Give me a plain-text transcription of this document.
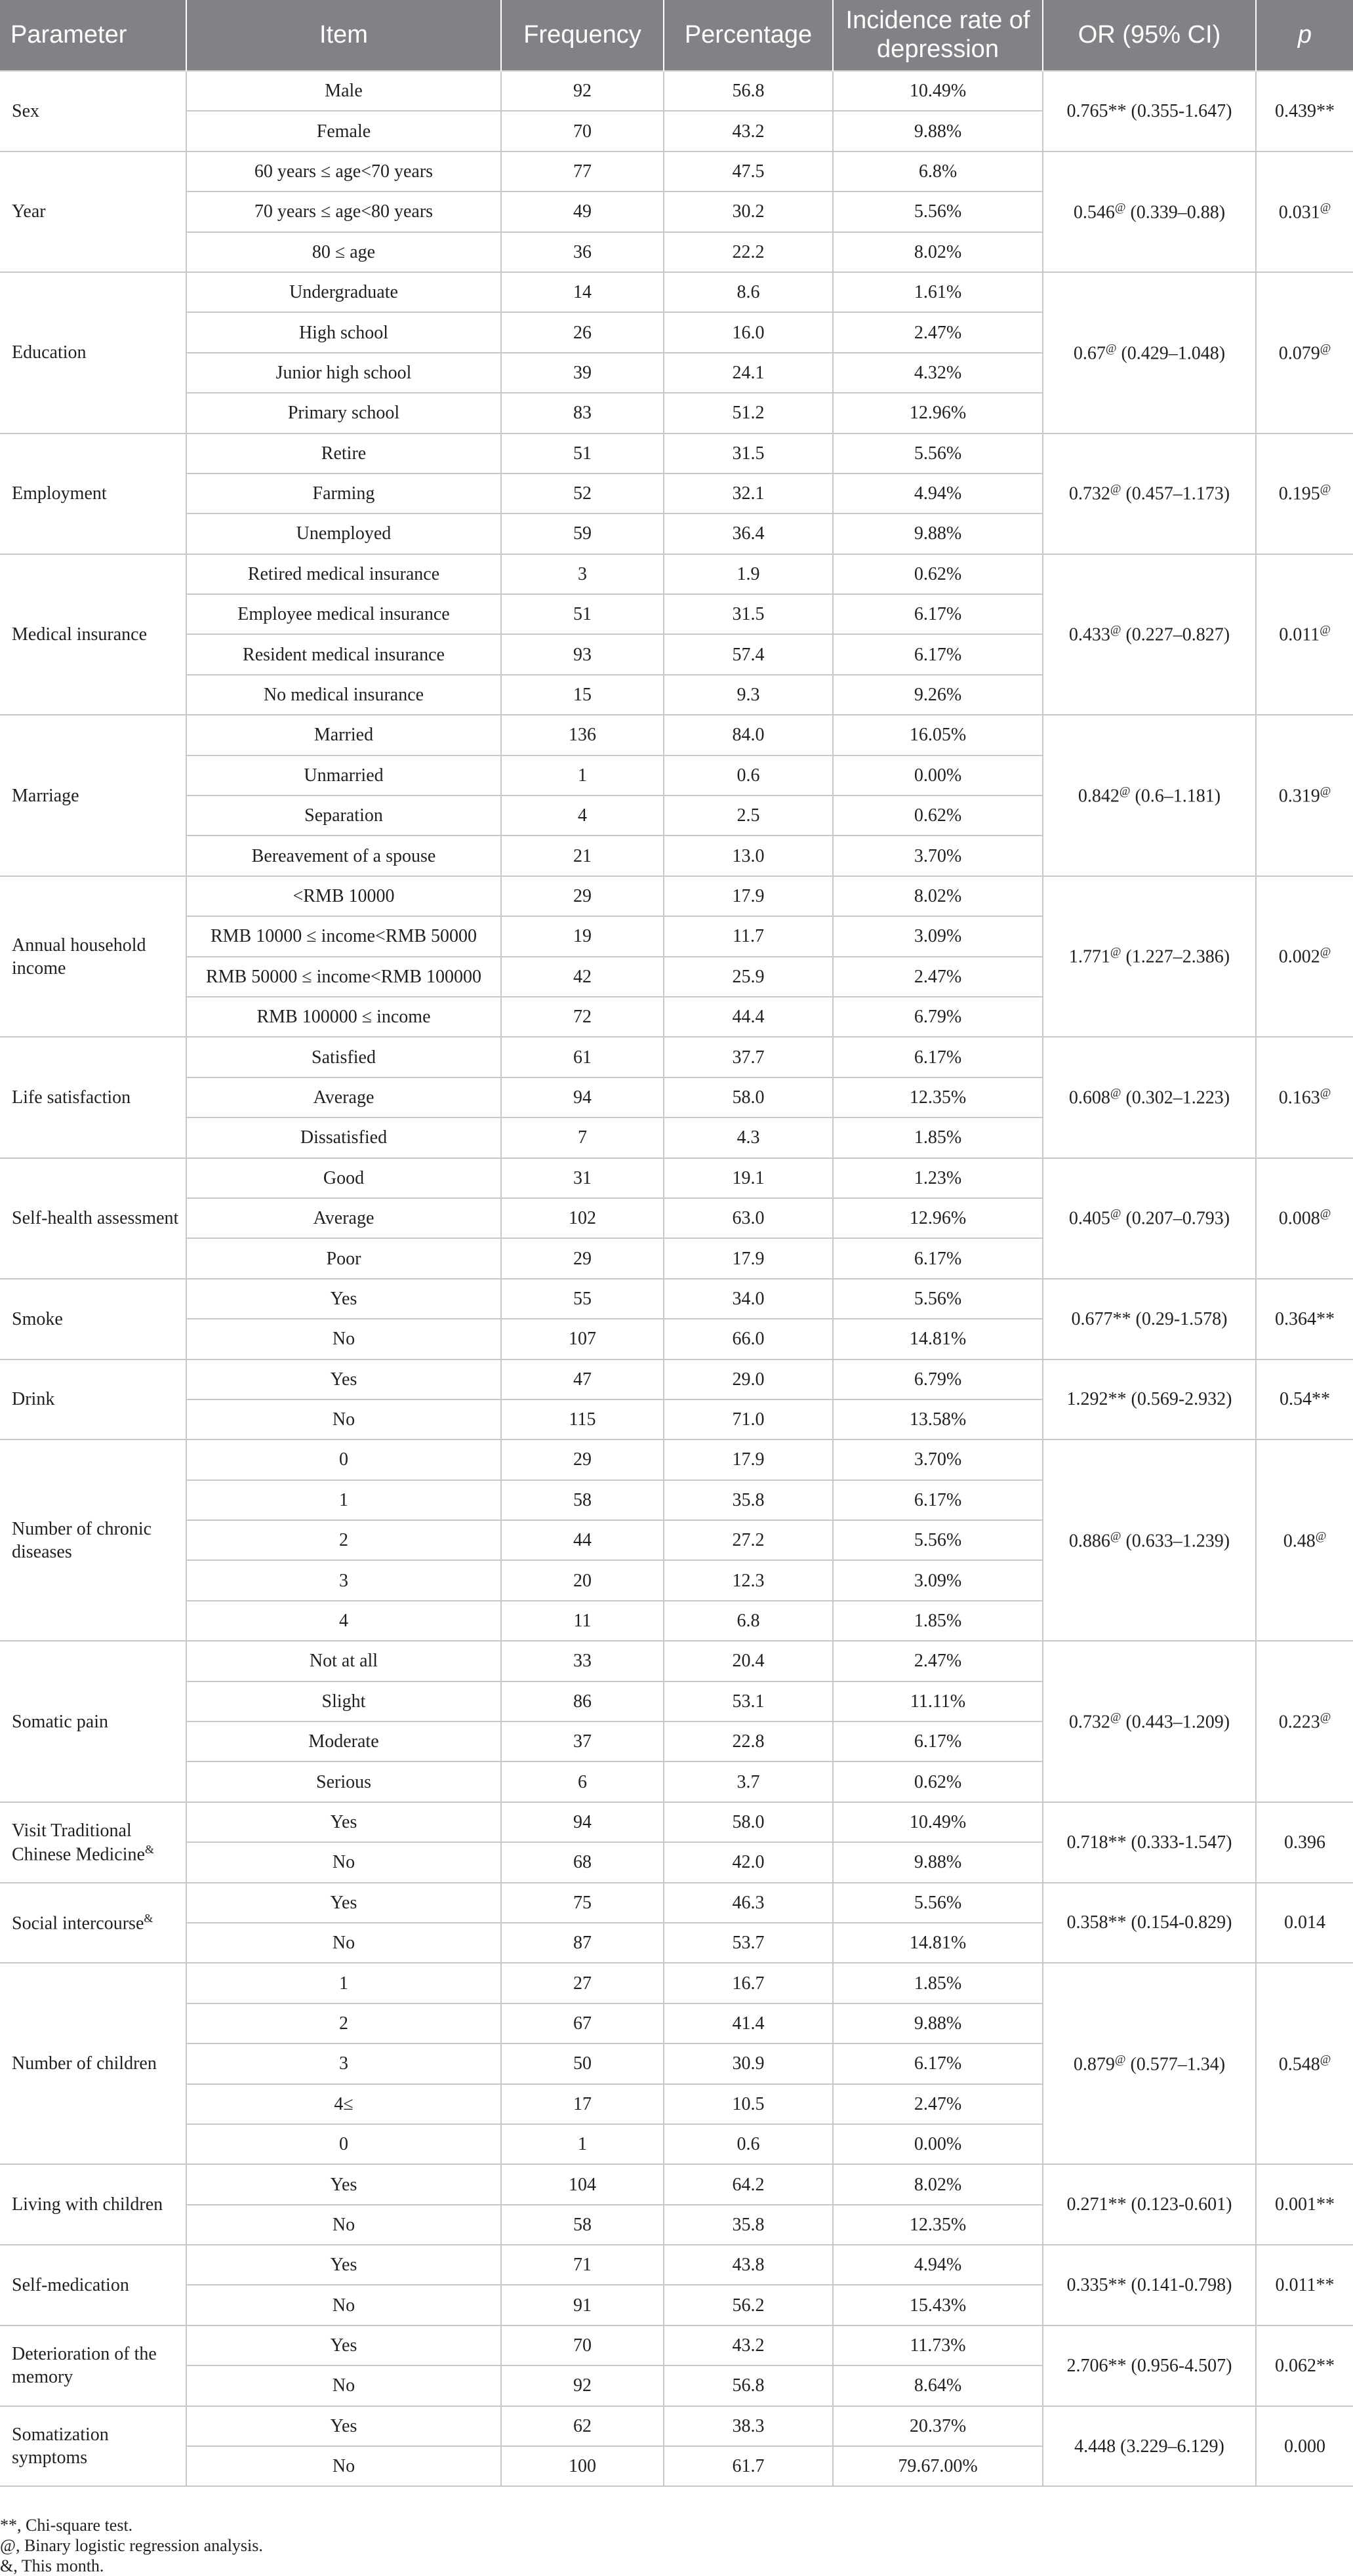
Parameter	Item	Frequency	Percentage	Incidence rate of depression	OR (95% CI)	p
Sex	Male	92	56.8	10.49%	0.765** (0.355-1.647)	0.439**
	Female	70	43.2	9.88%		
Year	60 years ≤ age<70 years	77	47.5	6.8%	0.546@ (0.339–0.88)	0.031@
	70 years ≤ age<80 years	49	30.2	5.56%		
	80 ≤ age	36	22.2	8.02%		
Education	Undergraduate	14	8.6	1.61%	0.67@ (0.429–1.048)	0.079@
	High school	26	16.0	2.47%		
	Junior high school	39	24.1	4.32%		
	Primary school	83	51.2	12.96%		
Employment	Retire	51	31.5	5.56%	0.732@ (0.457–1.173)	0.195@
	Farming	52	32.1	4.94%		
	Unemployed	59	36.4	9.88%		
Medical insurance	Retired medical insurance	3	1.9	0.62%	0.433@ (0.227–0.827)	0.011@
	Employee medical insurance	51	31.5	6.17%		
	Resident medical insurance	93	57.4	6.17%		
	No medical insurance	15	9.3	9.26%		
Marriage	Married	136	84.0	16.05%	0.842@ (0.6–1.181)	0.319@
	Unmarried	1	0.6	0.00%		
	Separation	4	2.5	0.62%		
	Bereavement of a spouse	21	13.0	3.70%		
Annual household income	<RMB 10000	29	17.9	8.02%	1.771@ (1.227–2.386)	0.002@
	RMB 10000 ≤ income<RMB 50000	19	11.7	3.09%		
	RMB 50000 ≤ income<RMB 100000	42	25.9	2.47%		
	RMB 100000 ≤ income	72	44.4	6.79%		
Life satisfaction	Satisfied	61	37.7	6.17%	0.608@ (0.302–1.223)	0.163@
	Average	94	58.0	12.35%		
	Dissatisfied	7	4.3	1.85%		
Self-health assessment	Good	31	19.1	1.23%	0.405@ (0.207–0.793)	0.008@
	Average	102	63.0	12.96%		
	Poor	29	17.9	6.17%		
Smoke	Yes	55	34.0	5.56%	0.677** (0.29-1.578)	0.364**
	No	107	66.0	14.81%		
Drink	Yes	47	29.0	6.79%	1.292** (0.569-2.932)	0.54**
	No	115	71.0	13.58%		
Number of chronic diseases	0	29	17.9	3.70%	0.886@ (0.633–1.239)	0.48@
	1	58	35.8	6.17%		
	2	44	27.2	5.56%		
	3	20	12.3	3.09%		
	4	11	6.8	1.85%		
Somatic pain	Not at all	33	20.4	2.47%	0.732@ (0.443–1.209)	0.223@
	Slight	86	53.1	11.11%		
	Moderate	37	22.8	6.17%		
	Serious	6	3.7	0.62%		
Visit Traditional Chinese Medicine&	Yes	94	58.0	10.49%	0.718** (0.333-1.547)	0.396
	No	68	42.0	9.88%		
Social intercourse&	Yes	75	46.3	5.56%	0.358** (0.154-0.829)	0.014
	No	87	53.7	14.81%		
Number of children	1	27	16.7	1.85%	0.879@ (0.577–1.34)	0.548@
	2	67	41.4	9.88%		
	3	50	30.9	6.17%		
	4≤	17	10.5	2.47%		
	0	1	0.6	0.00%		
Living with children	Yes	104	64.2	8.02%	0.271** (0.123-0.601)	0.001**
	No	58	35.8	12.35%		
Self-medication	Yes	71	43.8	4.94%	0.335** (0.141-0.798)	0.011**
	No	91	56.2	15.43%		
Deterioration of the memory	Yes	70	43.2	11.73%	2.706** (0.956-4.507)	0.062**
	No	92	56.8	8.64%		
Somatization symptoms	Yes	62	38.3	20.37%	4.448 (3.229–6.129)	0.000
	No	100	61.7	79.67.00%		
**, Chi-square test.
@, Binary logistic regression analysis.
&, This month.
